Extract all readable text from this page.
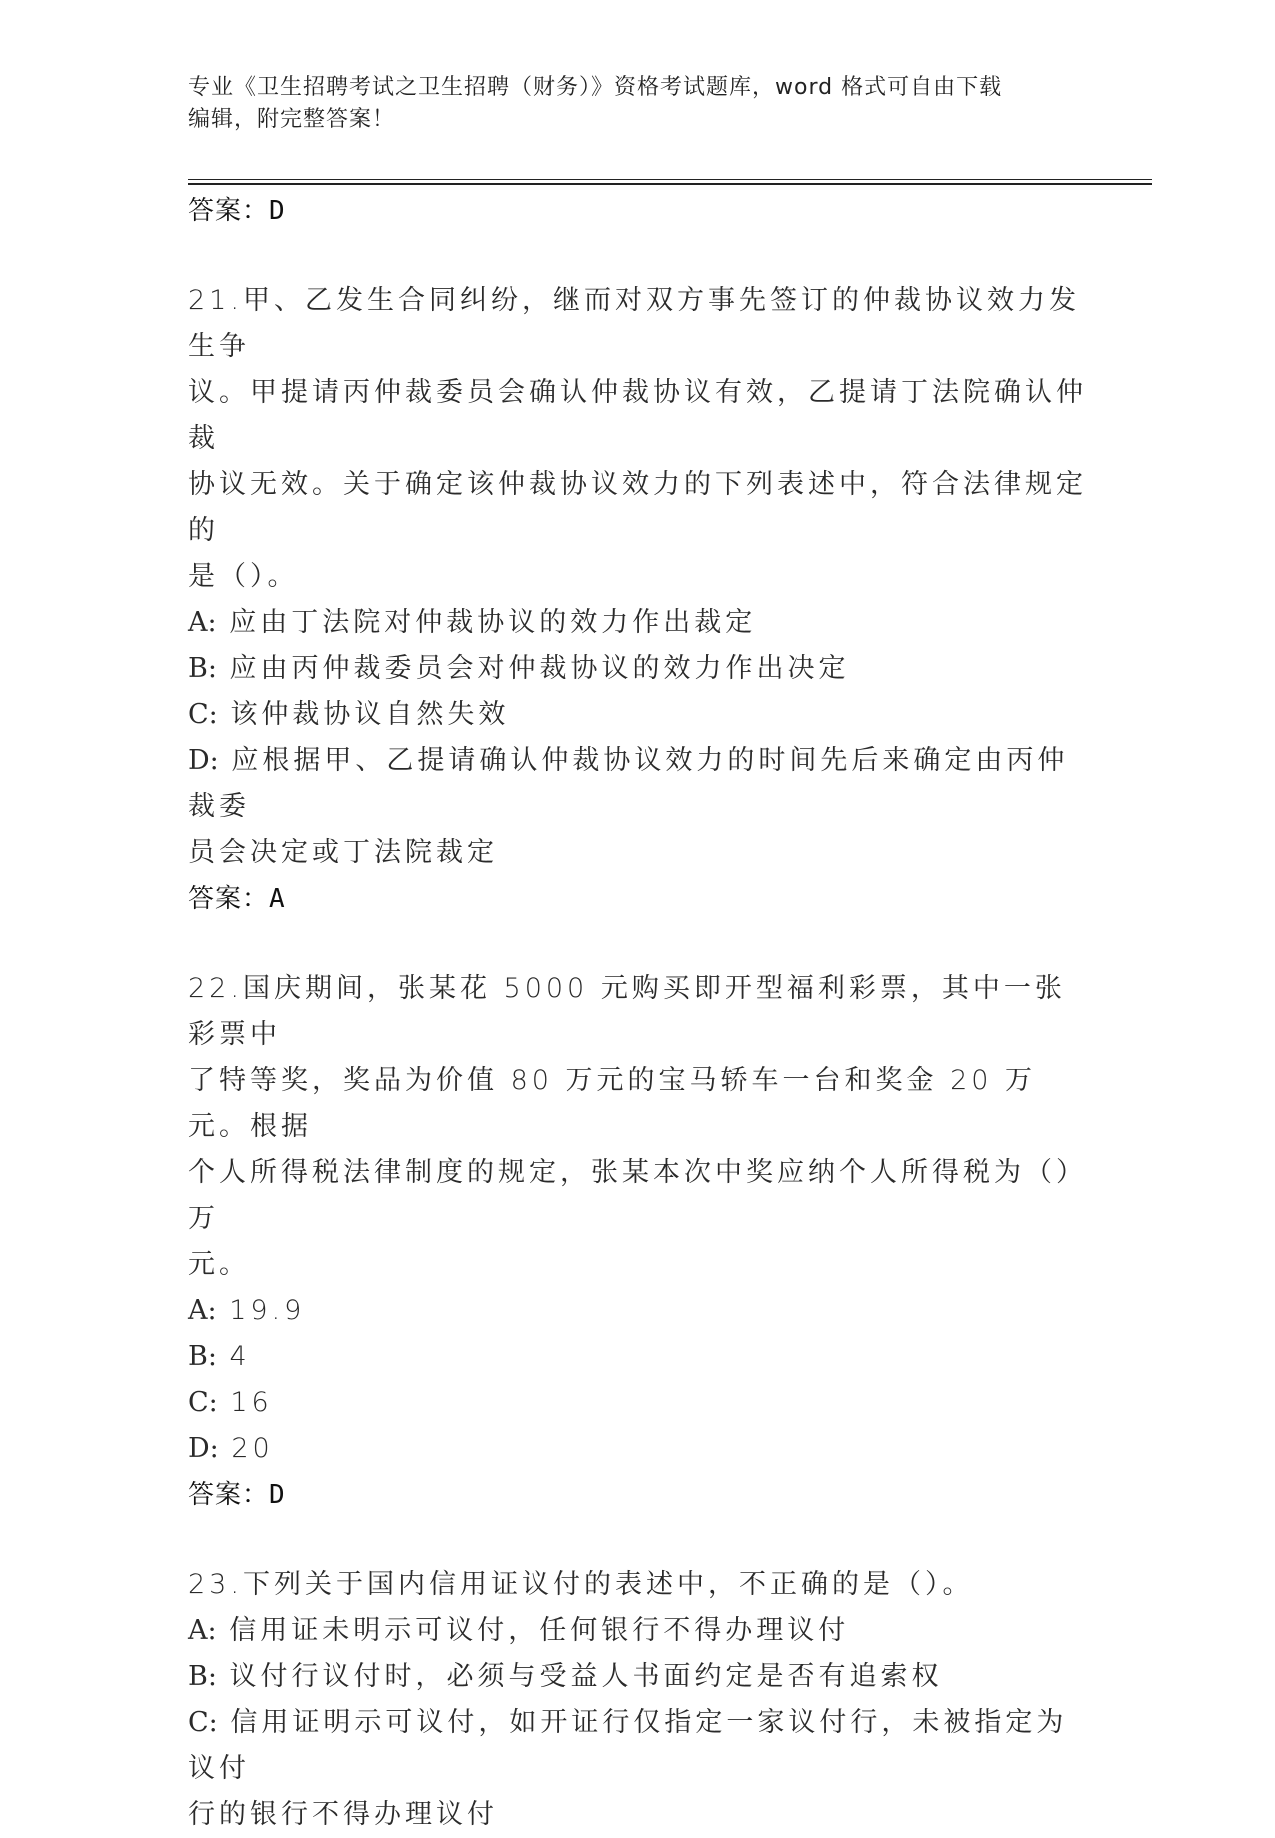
专业《卫生招聘考试之卫生招聘（财务）》资格考试题库，word 格式可自由下载
编辑，附完整答案！

答案：D

21.甲、乙发生合同纠纷，继而对双方事先签订的仲裁协议效力发生争

议。甲提请丙仲裁委员会确认仲裁协议有效，乙提请丁法院确认仲裁

协议无效。关于确定该仲裁协议效力的下列表述中，符合法律规定的

是（）。

A: 应由丁法院对仲裁协议的效力作出裁定

B: 应由丙仲裁委员会对仲裁协议的效力作出决定

C: 该仲裁协议自然失效

D: 应根据甲、乙提请确认仲裁协议效力的时间先后来确定由丙仲裁委

员会决定或丁法院裁定

答案：A

22.国庆期间，张某花 5000 元购买即开型福利彩票，其中一张彩票中

了特等奖，奖品为价值 80 万元的宝马轿车一台和奖金 20 万元。根据

个人所得税法律制度的规定，张某本次中奖应纳个人所得税为（）万

元。

A: 19.9

B: 4

C: 16

D: 20

答案：D

23.下列关于国内信用证议付的表述中，不正确的是（）。

A: 信用证未明示可议付，任何银行不得办理议付

B: 议付行议付时，必须与受益人书面约定是否有追索权

C: 信用证明示可议付，如开证行仅指定一家议付行，未被指定为议付

行的银行不得办理议付
